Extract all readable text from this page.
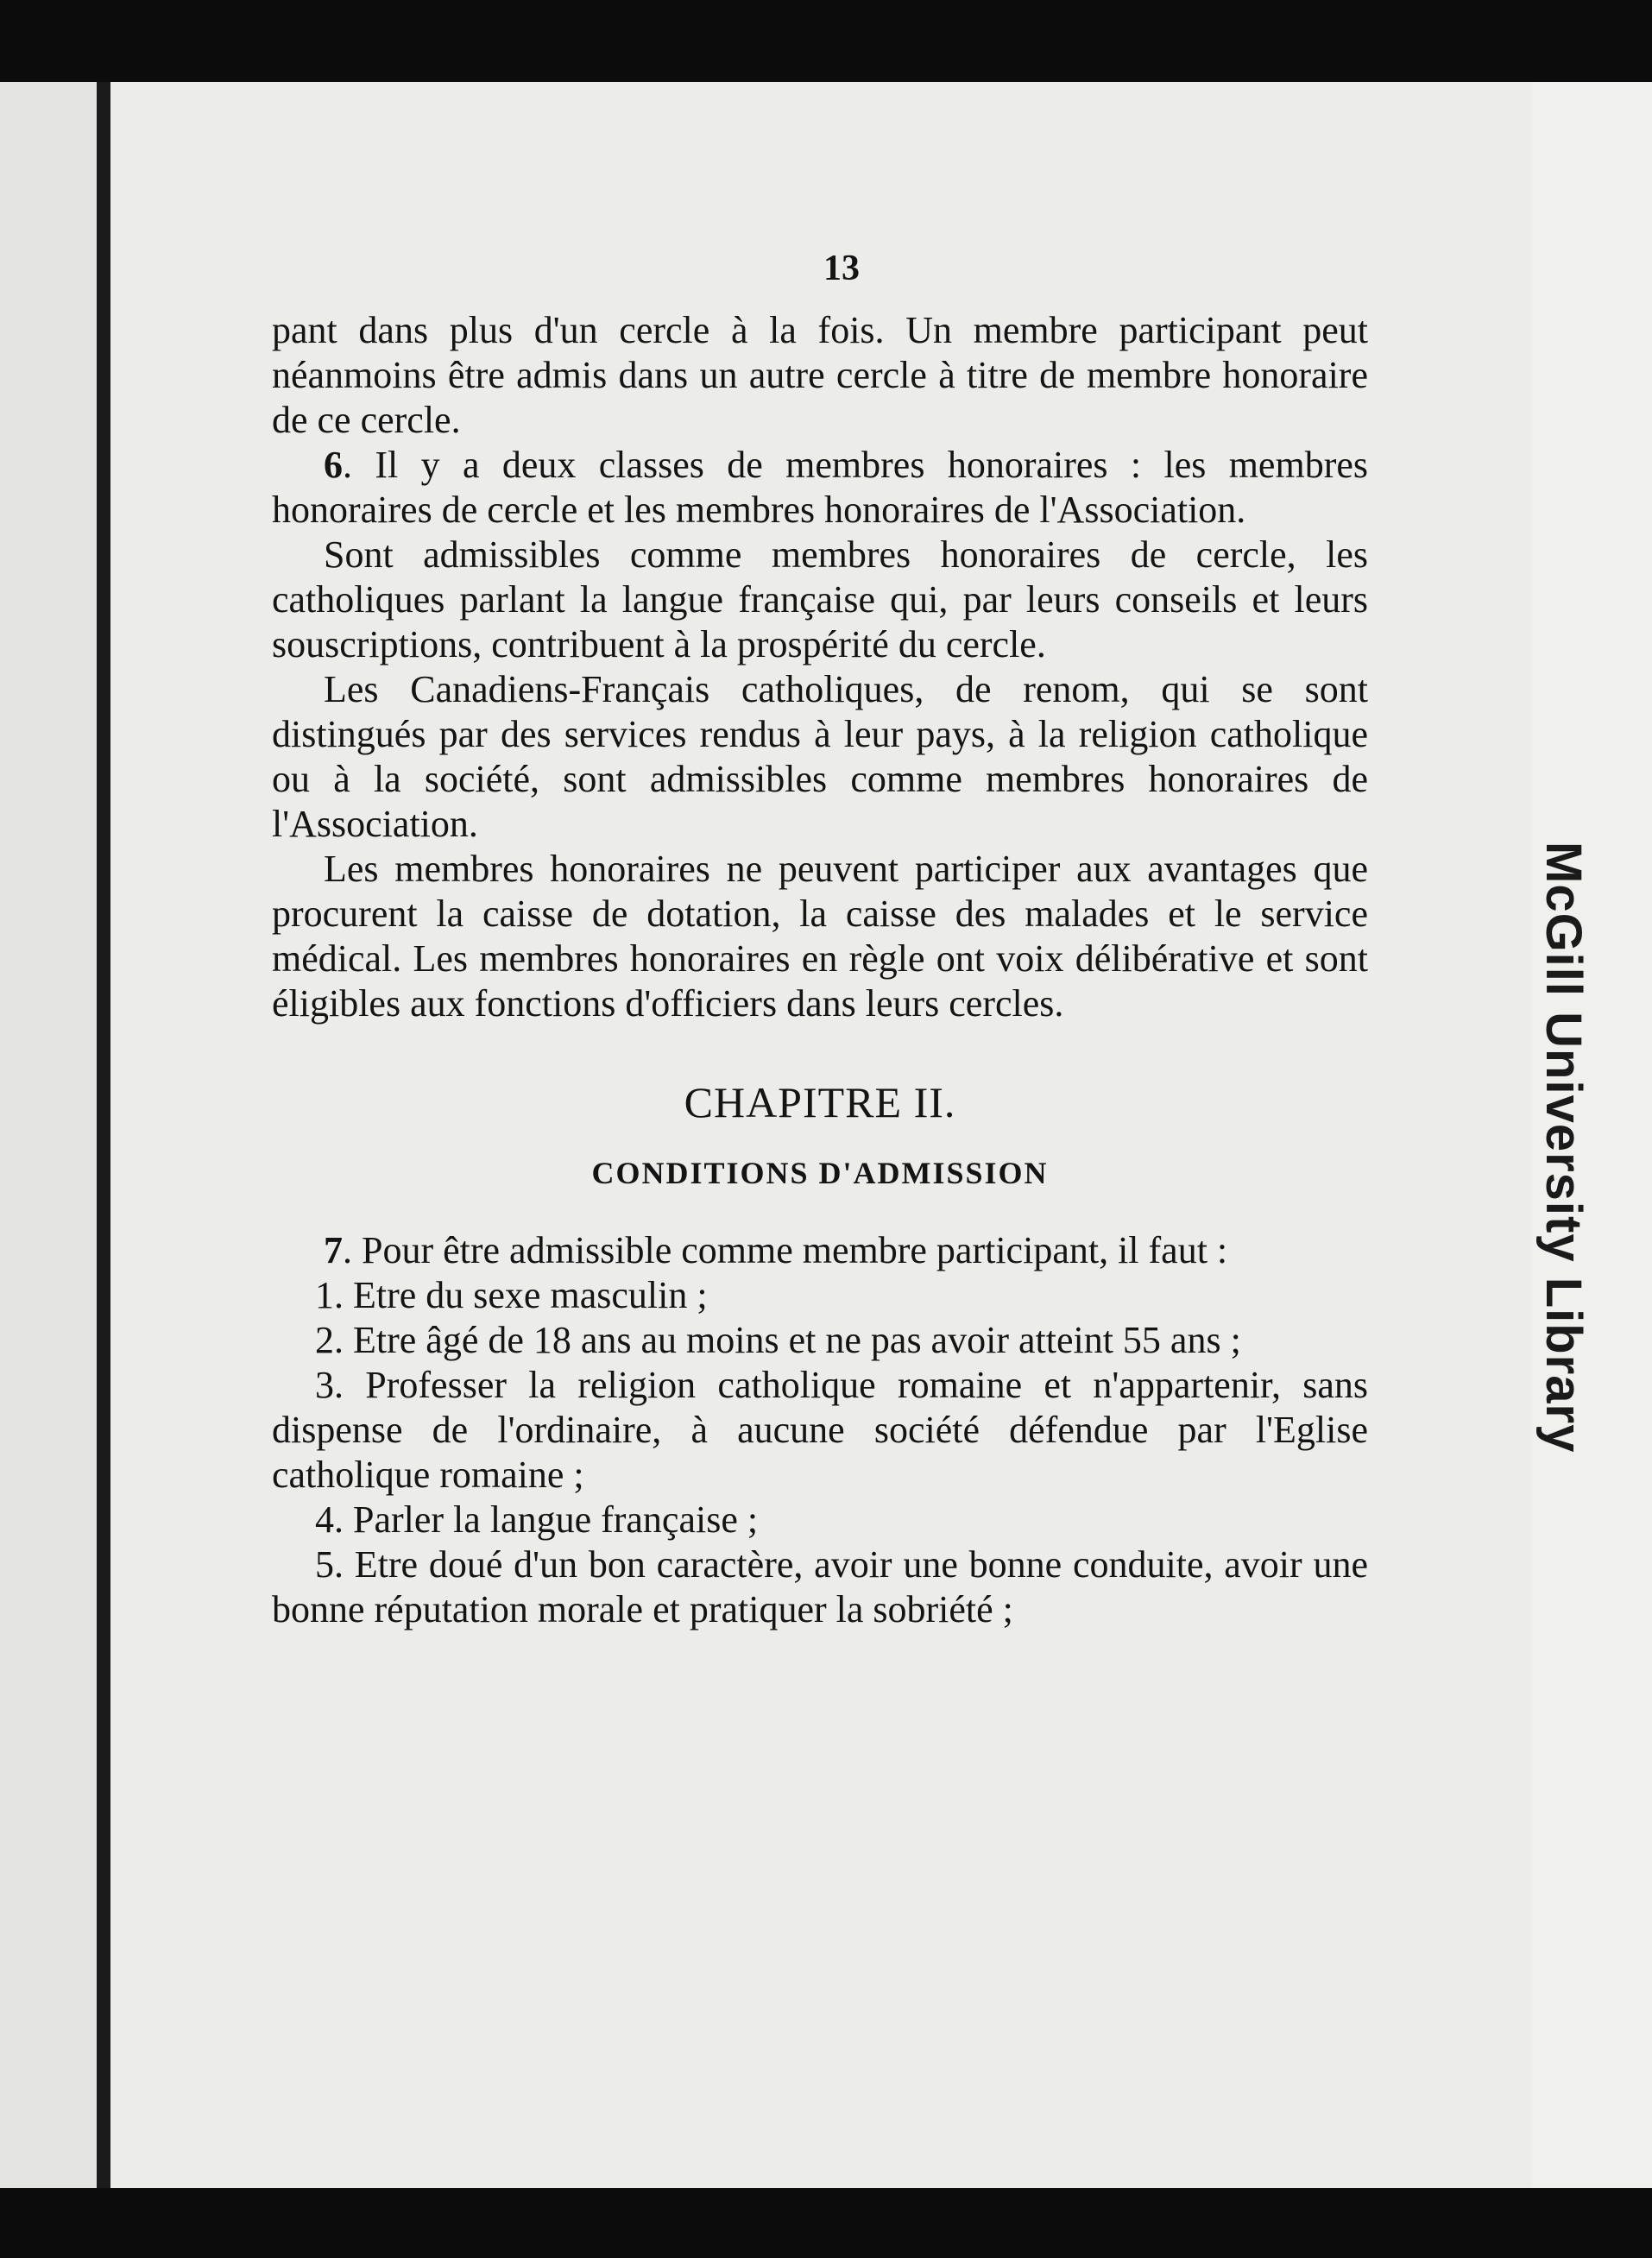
McGill University Library
13

pant dans plus d'un cercle à la fois. Un membre participant peut néanmoins être admis dans un autre cercle à titre de membre honoraire de ce cercle.

6. Il y a deux classes de membres honoraires : les membres honoraires de cercle et les membres honoraires de l'Association.

Sont admissibles comme membres honoraires de cercle, les catholiques parlant la langue française qui, par leurs conseils et leurs souscriptions, contribuent à la prospérité du cercle.

Les Canadiens-Français catholiques, de renom, qui se sont distingués par des services rendus à leur pays, à la religion catholique ou à la société, sont admissibles comme membres honoraires de l'Association.

Les membres honoraires ne peuvent participer aux avantages que procurent la caisse de dotation, la caisse des malades et le service médical. Les membres honoraires en règle ont voix délibérative et sont éligibles aux fonctions d'officiers dans leurs cercles.

CHAPITRE II.
CONDITIONS D'ADMISSION

7. Pour être admissible comme membre participant, il faut :

1. Etre du sexe masculin ;

2. Etre âgé de 18 ans au moins et ne pas avoir atteint 55 ans ;

3. Professer la religion catholique romaine et n'appartenir, sans dispense de l'ordinaire, à aucune société défendue par l'Eglise catholique romaine ;

4. Parler la langue française ;

5. Etre doué d'un bon caractère, avoir une bonne conduite, avoir une bonne réputation morale et pratiquer la sobriété ;
